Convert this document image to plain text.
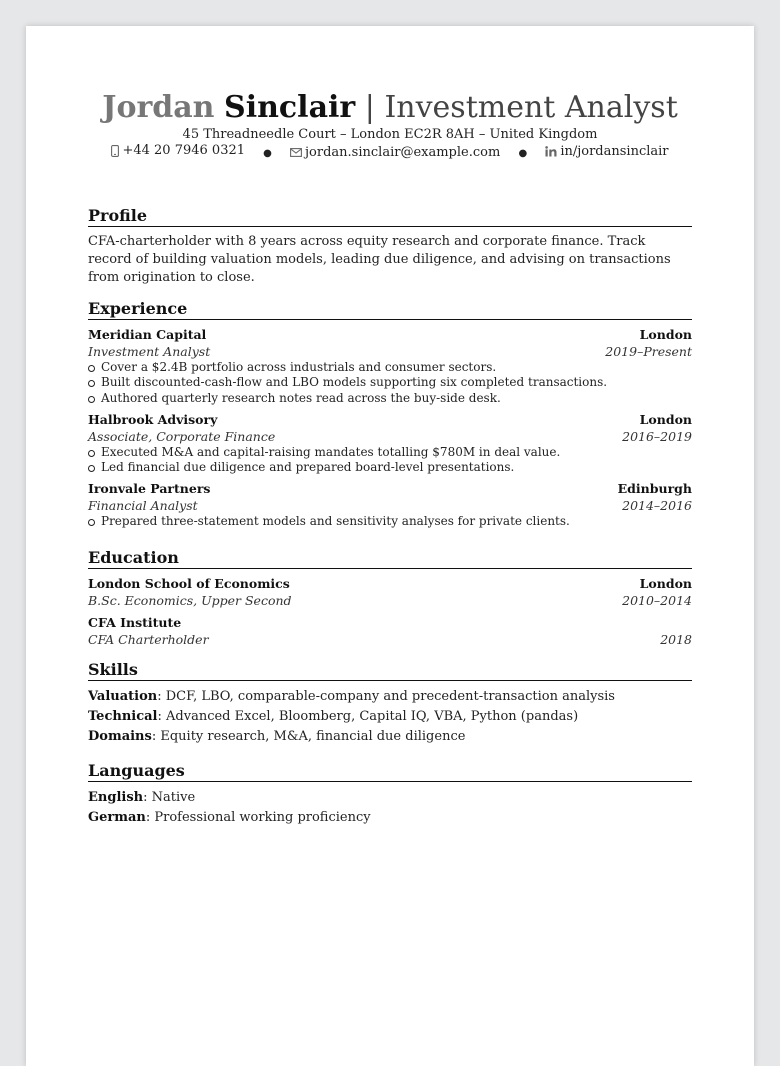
Jordan Sinclair | Investment Analyst
45 Threadneedle Court – London EC2R 8AH – United Kingdom
+44 20 7946 0321 ●	jordan.sinclair@example.com ●	in/jordansinclair
Profile

CFA-charterholder with 8 years across equity research and corporate finance. Track record of building valuation models, leading due diligence, and advising on transactions from origination to close.

Experience
Meridian Capital	London
Investment Analyst	2019–Present
Cover a $2.4B portfolio across industrials and consumer sectors.
Built discounted-cash-flow and LBO models supporting six completed transactions.
Authored quarterly research notes read across the buy-side desk.
Halbrook Advisory	London
Associate, Corporate Finance	2016–2019
Executed M&A and capital-raising mandates totalling $780M in deal value.
Led financial due diligence and prepared board-level presentations.
Ironvale Partners	Edinburgh
Financial Analyst	2014–2016
Prepared three-statement models and sensitivity analyses for private clients.
Education
London School of Economics	London
B.Sc. Economics, Upper Second	2010–2014
CFA Institute
CFA Charterholder	2018
Skills
Valuation: DCF, LBO, comparable-company and precedent-transaction analysis
Technical: Advanced Excel, Bloomberg, Capital IQ, VBA, Python (pandas)
Domains: Equity research, M&A, financial due diligence
Languages
English: Native
German: Professional working proficiency
